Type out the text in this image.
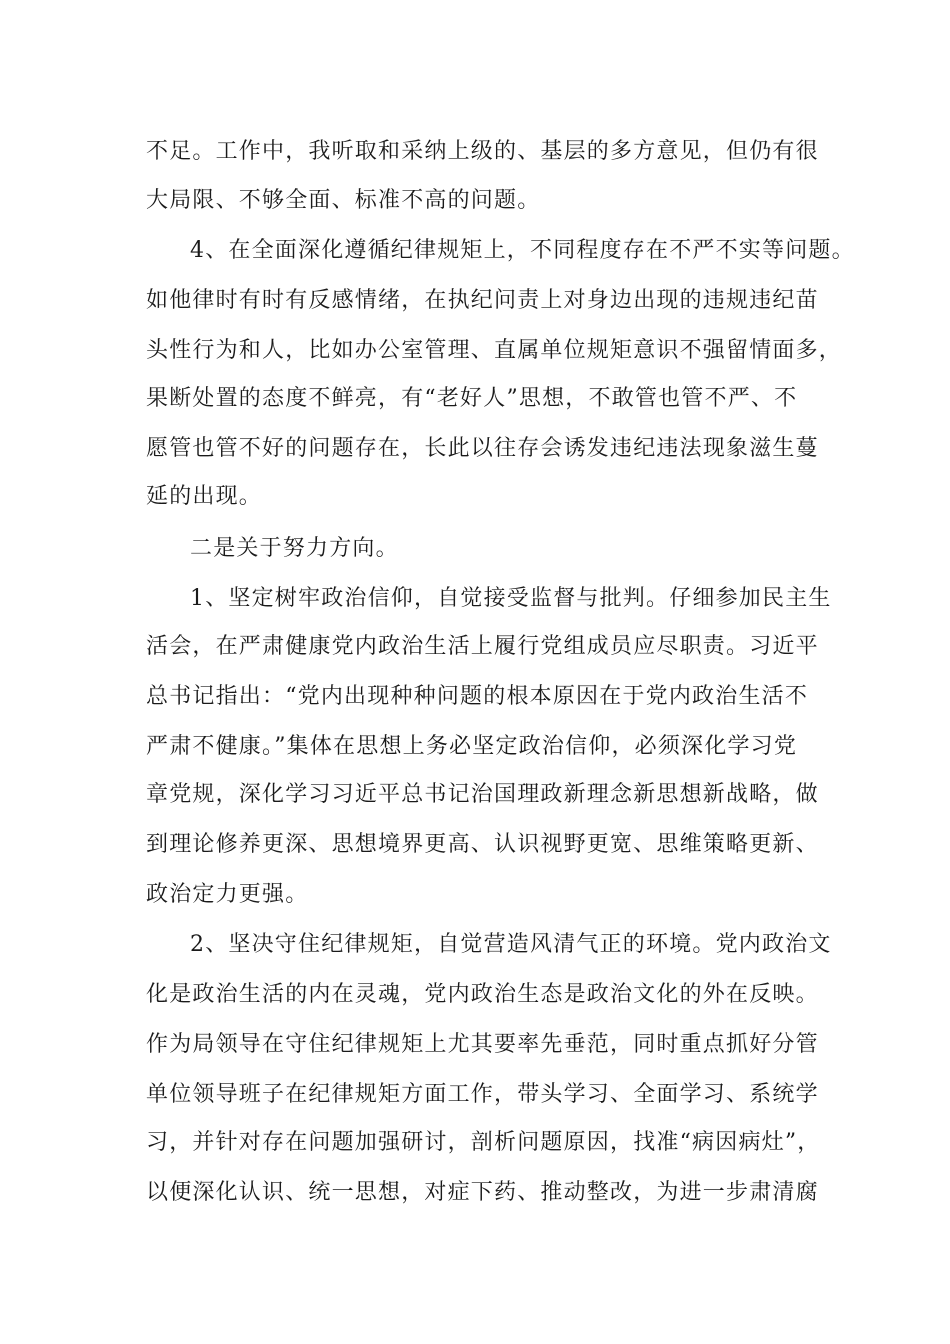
不足。工作中，我听取和采纳上级的、基层的多方意见，但仍有很
大局限、不够全面、标准不高的问题。
4、在全面深化遵循纪律规矩上，不同程度存在不严不实等问题。
如他律时有时有反感情绪，在执纪问责上对身边出现的违规违纪苗
头性行为和人，比如办公室管理、直属单位规矩意识不强留情面多，
果断处置的态度不鲜亮，有“老好人”思想，不敢管也管不严、不
愿管也管不好的问题存在，长此以往存会诱发违纪违法现象滋生蔓
延的出现。
二是关于努力方向。
1、坚定树牢政治信仰，自觉接受监督与批判。仔细参加民主生
活会，在严肃健康党内政治生活上履行党组成员应尽职责。习近平
总书记指出：“党内出现种种问题的根本原因在于党内政治生活不
严肃不健康。”集体在思想上务必坚定政治信仰，必须深化学习党
章党规，深化学习习近平总书记治国理政新理念新思想新战略，做
到理论修养更深、思想境界更高、认识视野更宽、思维策略更新、
政治定力更强。
2、坚决守住纪律规矩，自觉营造风清气正的环境。党内政治文
化是政治生活的内在灵魂，党内政治生态是政治文化的外在反映。
作为局领导在守住纪律规矩上尤其要率先垂范，同时重点抓好分管
单位领导班子在纪律规矩方面工作，带头学习、全面学习、系统学
习，并针对存在问题加强研讨，剖析问题原因，找准“病因病灶”，
以便深化认识、统一思想，对症下药、推动整改，为进一步肃清腐
